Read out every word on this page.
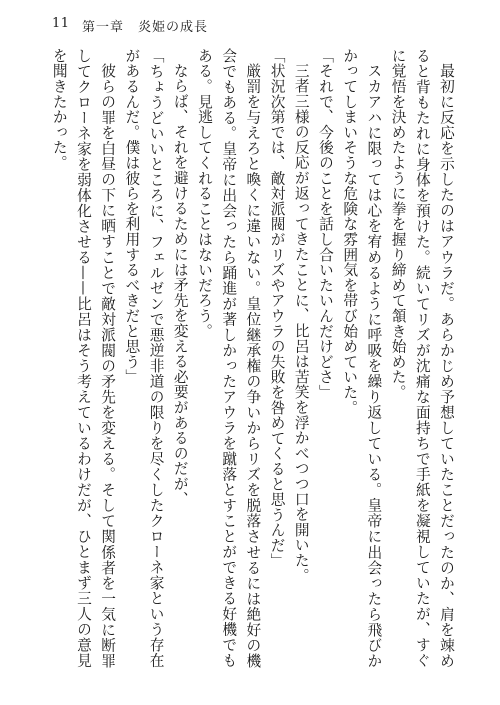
11 第一章　炎姫の成長

最初に反応を示したのはアウラだ。あらかじめ予想していたことだったのか、肩を竦めると背もたれに身体を預けた。続いてリズが沈痛な面持ちで手紙を凝視していたが、すぐに覚悟を決めたように拳を握り締めて頷き始めた。

スカアハに限っては心を宥めるように呼吸を繰り返している。皇帝に出会ったら飛びかかってしまいそうな危険な雰囲気を帯び始めていた。

「それで、今後のことを話し合いたいんだけどさ」

三者三様の反応が返ってきたことに、比呂は苦笑を浮かべつつ口を開いた。

「状況次第では、敵対派閥がリズやアウラの失敗を咎めてくると思うんだ」

厳罰を与えろと喚くに違いない。皇位継承権の争いからリズを脱落させるには絶好の機会でもある。皇帝に出会ったら踊進が著しかったアウラを蹴落とすことができる好機でもある。見逃してくれることはないだろう。

ならば、それを避けるためには矛先を変える必要があるのだが、

「ちょうどいいところに、フェルゼンで悪逆非道の限りを尽くしたクローネ家という存在があるんだ。僕は彼らを利用するべきだと思う」

彼らの罪を白昼の下に晒すことで敵対派閥の矛先を変える。そして関係者を一気に断罪してクローネ家を弱体化させる——比呂はそう考えているわけだが、ひとまず三人の意見を聞きたかった。
